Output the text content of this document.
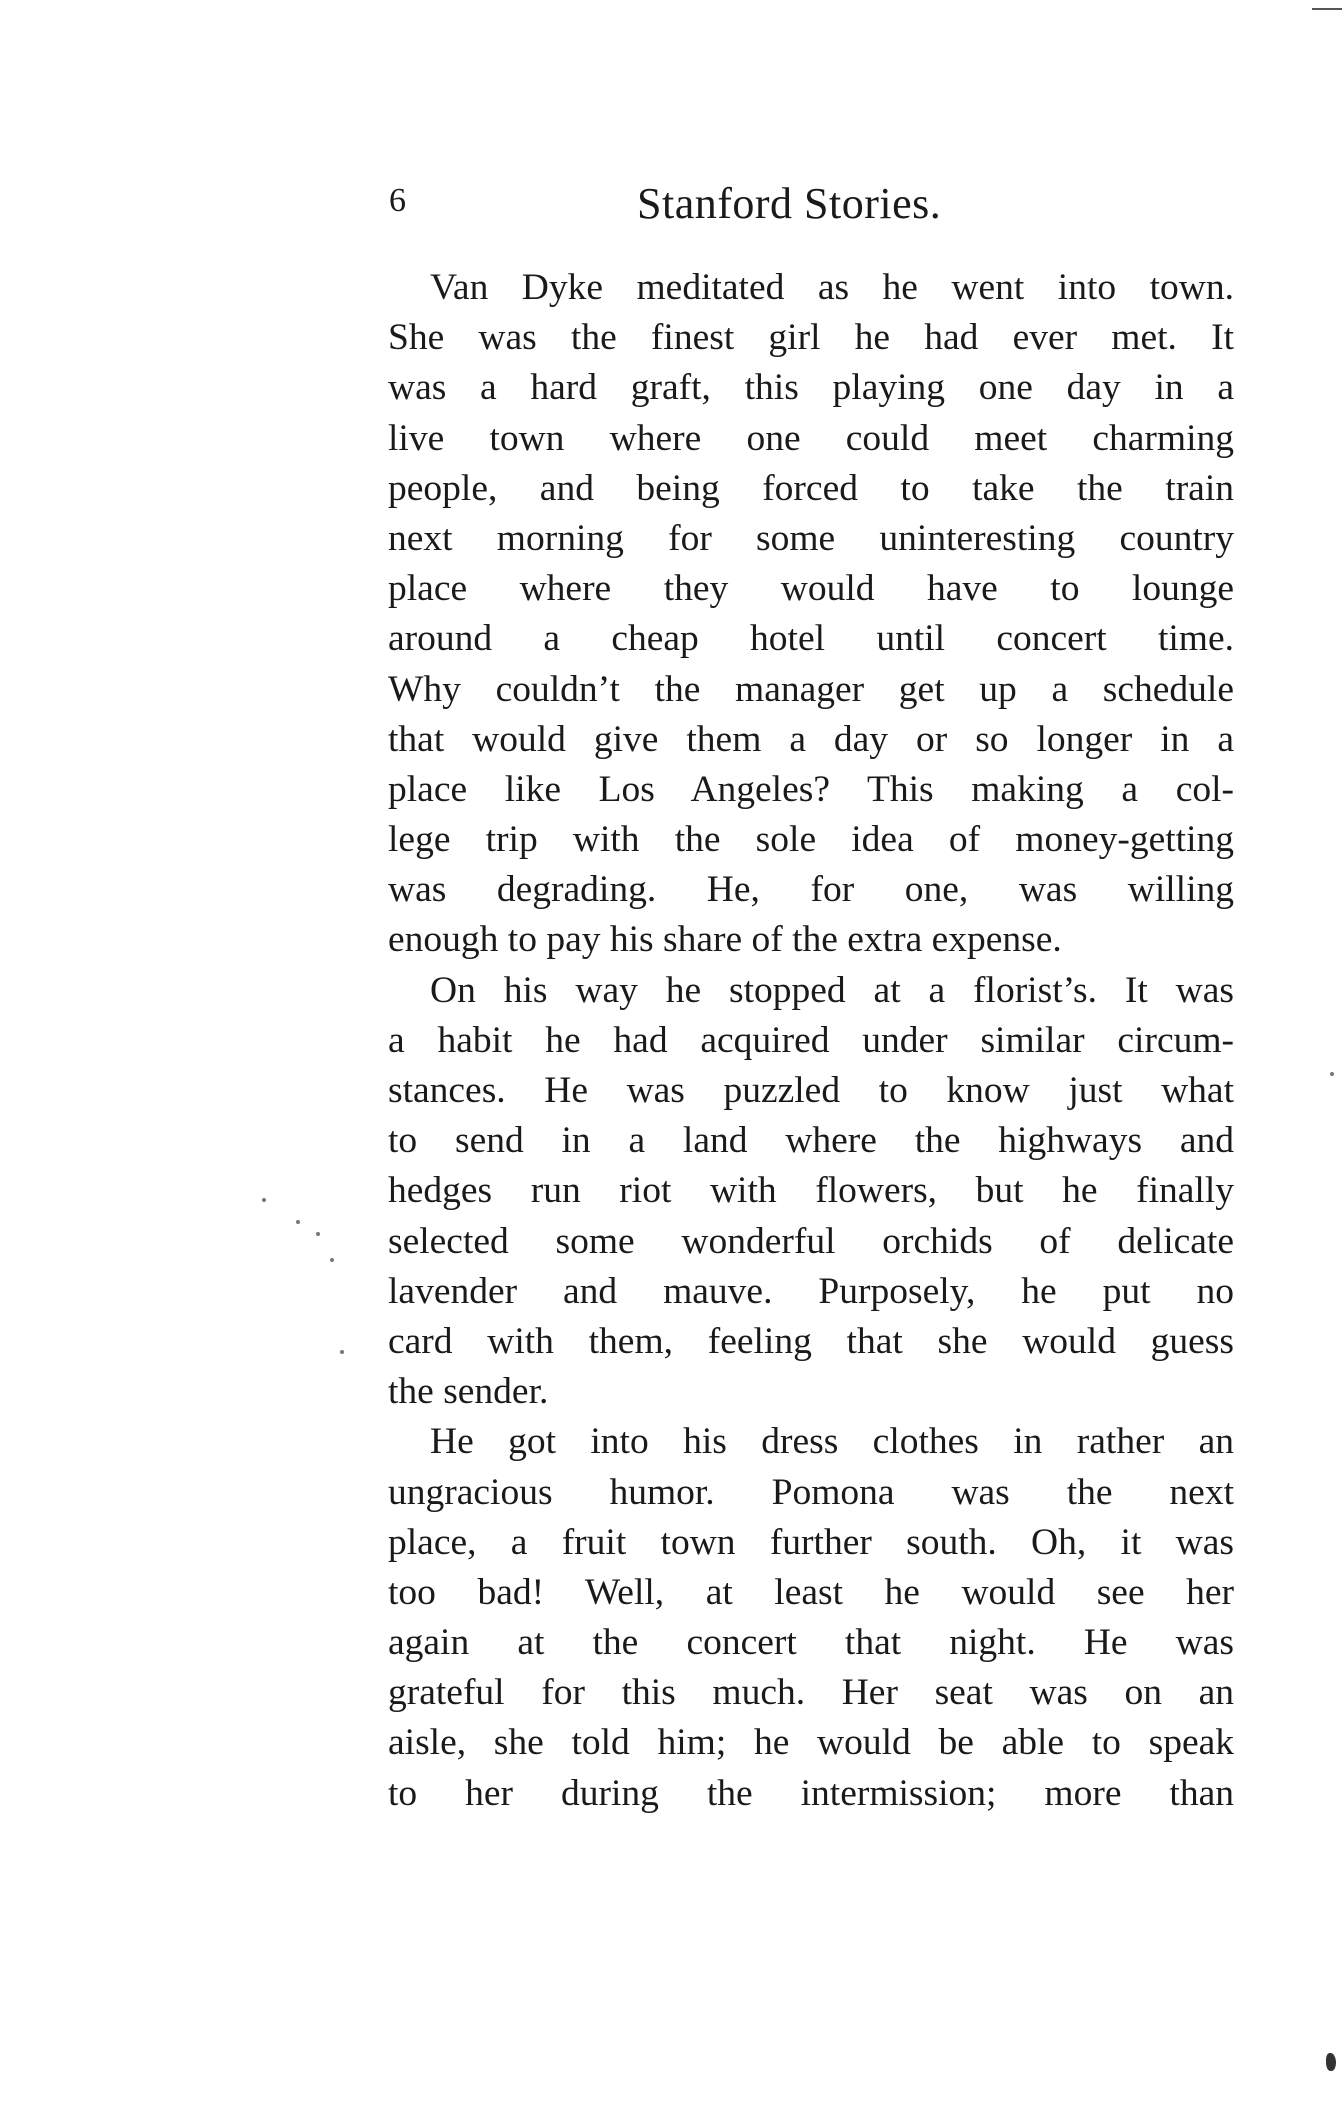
6	Stanford Stories.

Van Dyke meditated as he went into town.
She was the finest girl he had ever met. It
was a hard graft, this playing one day in a
live town where one could meet charming
people, and being forced to take the train
next morning for some uninteresting country
place where they would have to lounge
around a cheap hotel until concert time.
Why couldn’t the manager get up a schedule
that would give them a day or so longer in a
place like Los Angeles? This making a col-
lege trip with the sole idea of money-getting
was degrading. He, for one, was willing
enough to pay his share of the extra expense.

On his way he stopped at a florist’s. It was
a habit he had acquired under similar circum-
stances. He was puzzled to know just what
to send in a land where the highways and
hedges run riot with flowers, but he finally
selected some wonderful orchids of delicate
lavender and mauve. Purposely, he put no
card with them, feeling that she would guess
the sender.

He got into his dress clothes in rather an
ungracious humor. Pomona was the next
place, a fruit town further south. Oh, it was
too bad! Well, at least he would see her
again at the concert that night. He was
grateful for this much. Her seat was on an
aisle, she told him; he would be able to speak
to her during the intermission; more than
